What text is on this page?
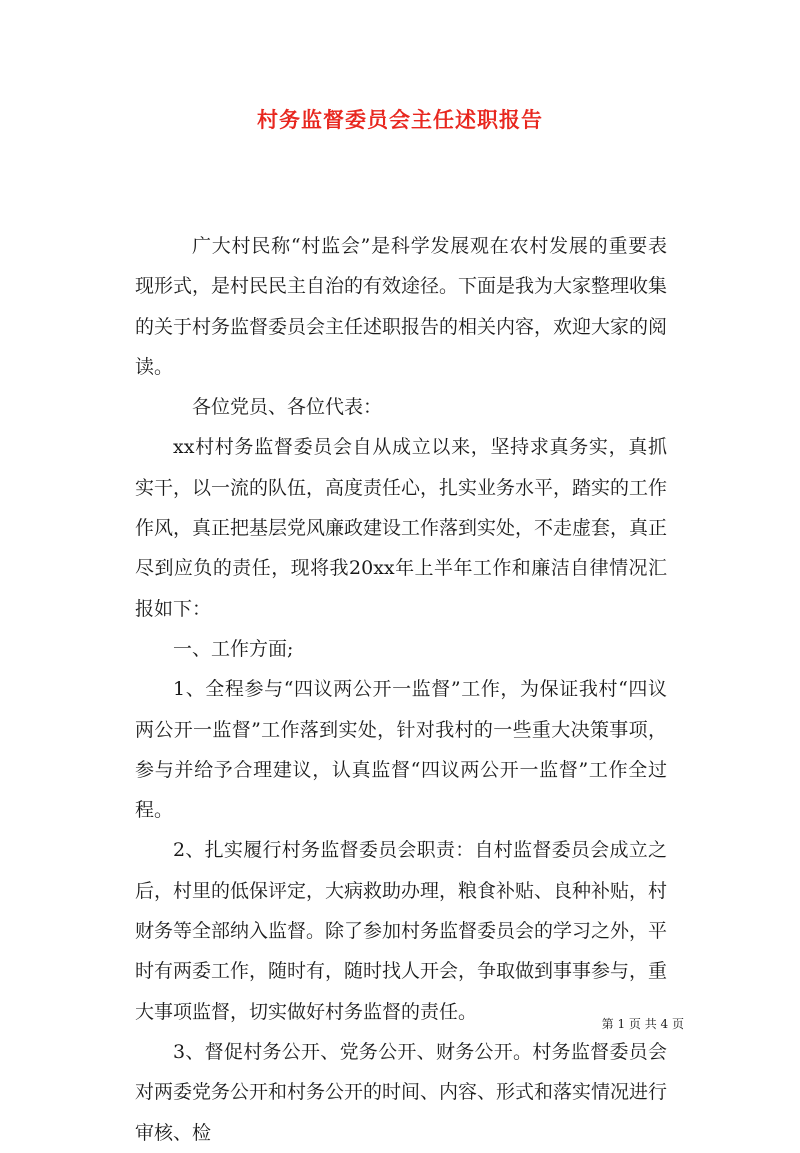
村务监督委员会主任述职报告

广大村民称“村监会”是科学发展观在农村发展的重要表现形式，是村民民主自治的有效途径。下面是我为大家整理收集的关于村务监督委员会主任述职报告的相关内容，欢迎大家的阅读。

各位党员、各位代表：

xx村村务监督委员会自从成立以来，坚持求真务实，真抓实干，以一流的队伍，高度责任心，扎实业务水平，踏实的工作作风，真正把基层党风廉政建设工作落到实处，不走虚套，真正尽到应负的责任，现将我20xx年上半年工作和廉洁自律情况汇报如下：

一、工作方面;

1、全程参与“四议两公开一监督”工作，为保证我村“四议两公开一监督”工作落到实处，针对我村的一些重大决策事项，参与并给予合理建议，认真监督“四议两公开一监督”工作全过程。

2、扎实履行村务监督委员会职责：自村监督委员会成立之后，村里的低保评定，大病救助办理，粮食补贴、良种补贴，村财务等全部纳入监督。除了参加村务监督委员会的学习之外，平时有两委工作，随时有，随时找人开会，争取做到事事参与，重大事项监督，切实做好村务监督的责任。

3、督促村务公开、党务公开、财务公开。村务监督委员会对两委党务公开和村务公开的时间、内容、形式和落实情况进行审核、检

第 1 页 共 4 页
